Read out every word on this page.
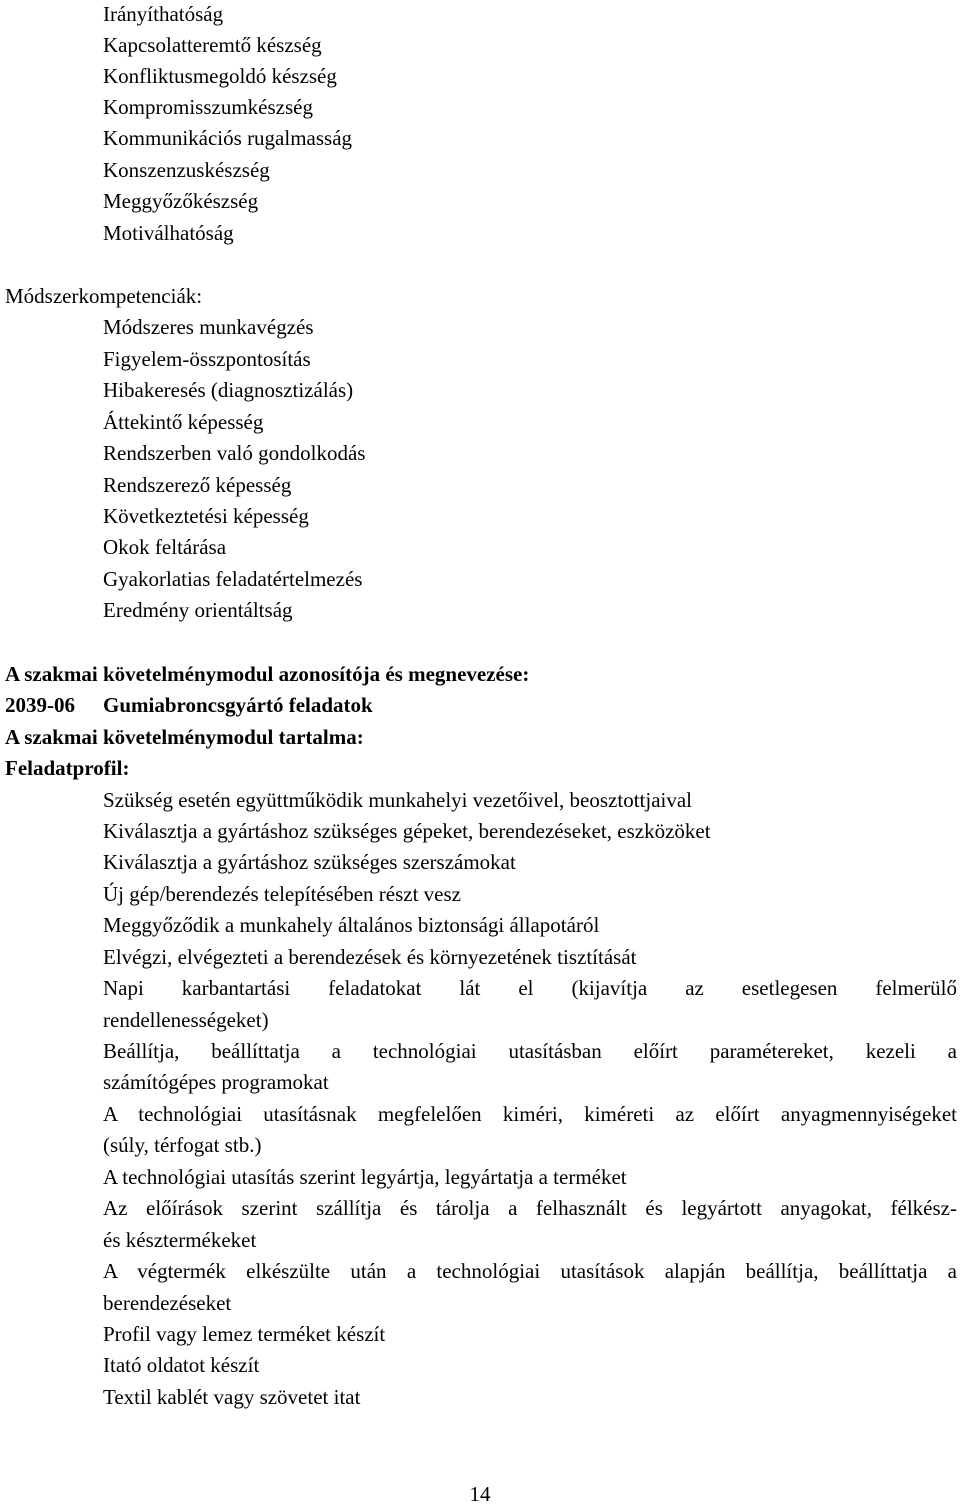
Irányíthatóság
Kapcsolatteremtő készség
Konfliktusmegoldó készség
Kompromisszumkészség
Kommunikációs rugalmasság
Konszenzuskészség
Meggyőzőkészség
Motiválhatóság
Módszerkompetenciák:
Módszeres munkavégzés
Figyelem-összpontosítás
Hibakeresés (diagnosztizálás)
Áttekintő képesség
Rendszerben való gondolkodás
Rendszerező képesség
Következtetési képesség
Okok feltárása
Gyakorlatias feladatértelmezés
Eredmény orientáltság
A szakmai követelménymodul azonosítója és megnevezése:
2039-06 Gumiabroncsgyártó feladatok
A szakmai követelménymodul tartalma:
Feladatprofil:
Szükség esetén együttműködik munkahelyi vezetőivel, beosztottjaival
Kiválasztja a gyártáshoz szükséges gépeket, berendezéseket, eszközöket
Kiválasztja a gyártáshoz szükséges szerszámokat
Új gép/berendezés telepítésében részt vesz
Meggyőződik a munkahely általános biztonsági állapotáról
Elvégzi, elvégezteti a berendezések és környezetének tisztítását
Napi karbantartási feladatokat lát el (kijavítja az esetlegesen felmerülő
rendellenességeket)
Beállítja, beállíttatja a technológiai utasításban előírt paramétereket, kezeli a
számítógépes programokat
A technológiai utasításnak megfelelően kiméri, kiméreti az előírt anyagmennyiségeket
(súly, térfogat stb.)
A technológiai utasítás szerint legyártja, legyártatja a terméket
Az előírások szerint szállítja és tárolja a felhasznált és legyártott anyagokat, félkész-
és késztermékeket
A végtermék elkészülte után a technológiai utasítások alapján beállítja, beállíttatja a
berendezéseket
Profil vagy lemez terméket készít
Itató oldatot készít
Textil kablét vagy szövetet itat
14
